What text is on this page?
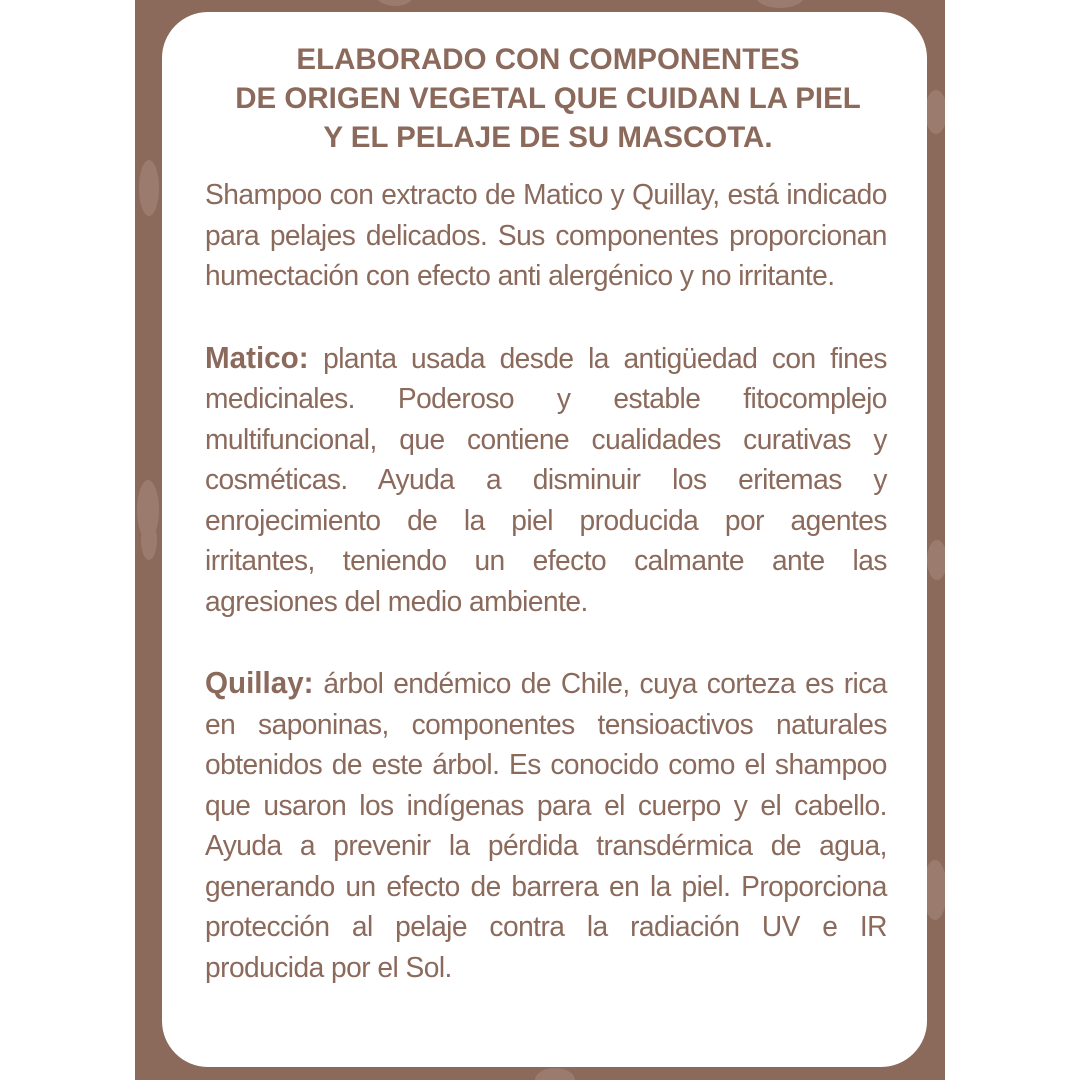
ELABORADO CON COMPONENTES
DE ORIGEN VEGETAL QUE CUIDAN LA PIEL
Y EL PELAJE DE SU MASCOTA.

Shampoo con extracto de Matico y Quillay, está indicado para pelajes delicados. Sus componentes proporcionan humectación con efecto anti alergénico y no irritante.

Matico: planta usada desde la antigüedad con fines medicinales. Poderoso y estable fitocomplejo multifuncional, que contiene cualidades curativas y cosméticas. Ayuda a disminuir los eritemas y enrojecimiento de la piel producida por agentes irritantes, teniendo un efecto calmante ante las agresiones del medio ambiente.

Quillay: árbol endémico de Chile, cuya corteza es rica en saponinas, componentes tensioactivos naturales obtenidos de este árbol. Es conocido como el shampoo que usaron los indígenas para el cuerpo y el cabello. Ayuda a prevenir la pérdida transdérmica de agua, generando un efecto de barrera en la piel. Proporciona protección al pelaje contra la radiación UV e IR producida por el Sol.
